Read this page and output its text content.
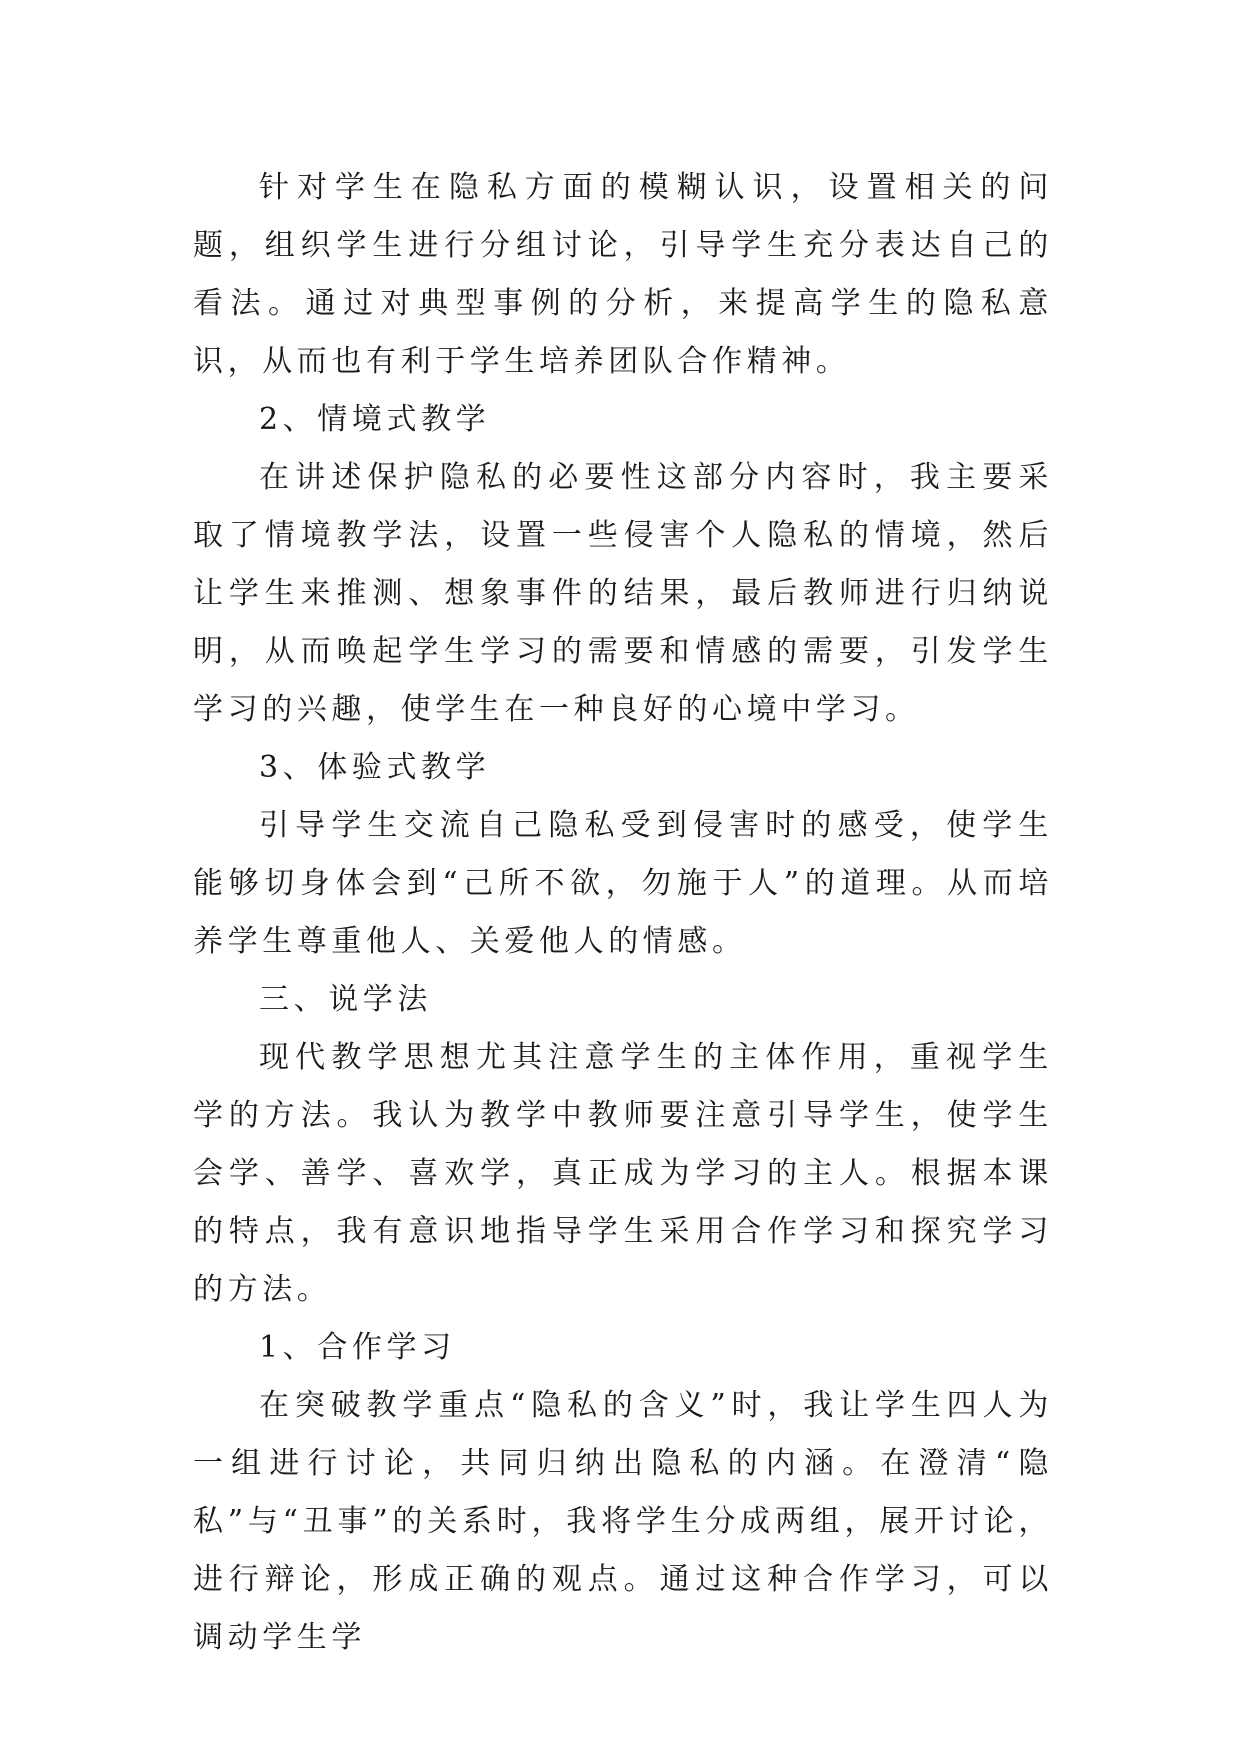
针对学生在隐私方面的模糊认识，设置相关的问题，组织学生进行分组讨论，引导学生充分表达自己的看法。通过对典型事例的分析，来提高学生的隐私意识，从而也有利于学生培养团队合作精神。

2、情境式教学

在讲述保护隐私的必要性这部分内容时，我主要采取了情境教学法，设置一些侵害个人隐私的情境，然后让学生来推测、想象事件的结果，最后教师进行归纳说明，从而唤起学生学习的需要和情感的需要，引发学生学习的兴趣，使学生在一种良好的心境中学习。

3、体验式教学

引导学生交流自己隐私受到侵害时的感受，使学生能够切身体会到“己所不欲，勿施于人”的道理。从而培养学生尊重他人、关爱他人的情感。

三、说学法

现代教学思想尤其注意学生的主体作用，重视学生学的方法。我认为教学中教师要注意引导学生，使学生会学、善学、喜欢学，真正成为学习的主人。根据本课的特点，我有意识地指导学生采用合作学习和探究学习的方法。

1、合作学习

在突破教学重点“隐私的含义”时，我让学生四人为一组进行讨论，共同归纳出隐私的内涵。在澄清“隐私”与“丑事”的关系时，我将学生分成两组，展开讨论，进行辩论，形成正确的观点。通过这种合作学习，可以调动学生学
